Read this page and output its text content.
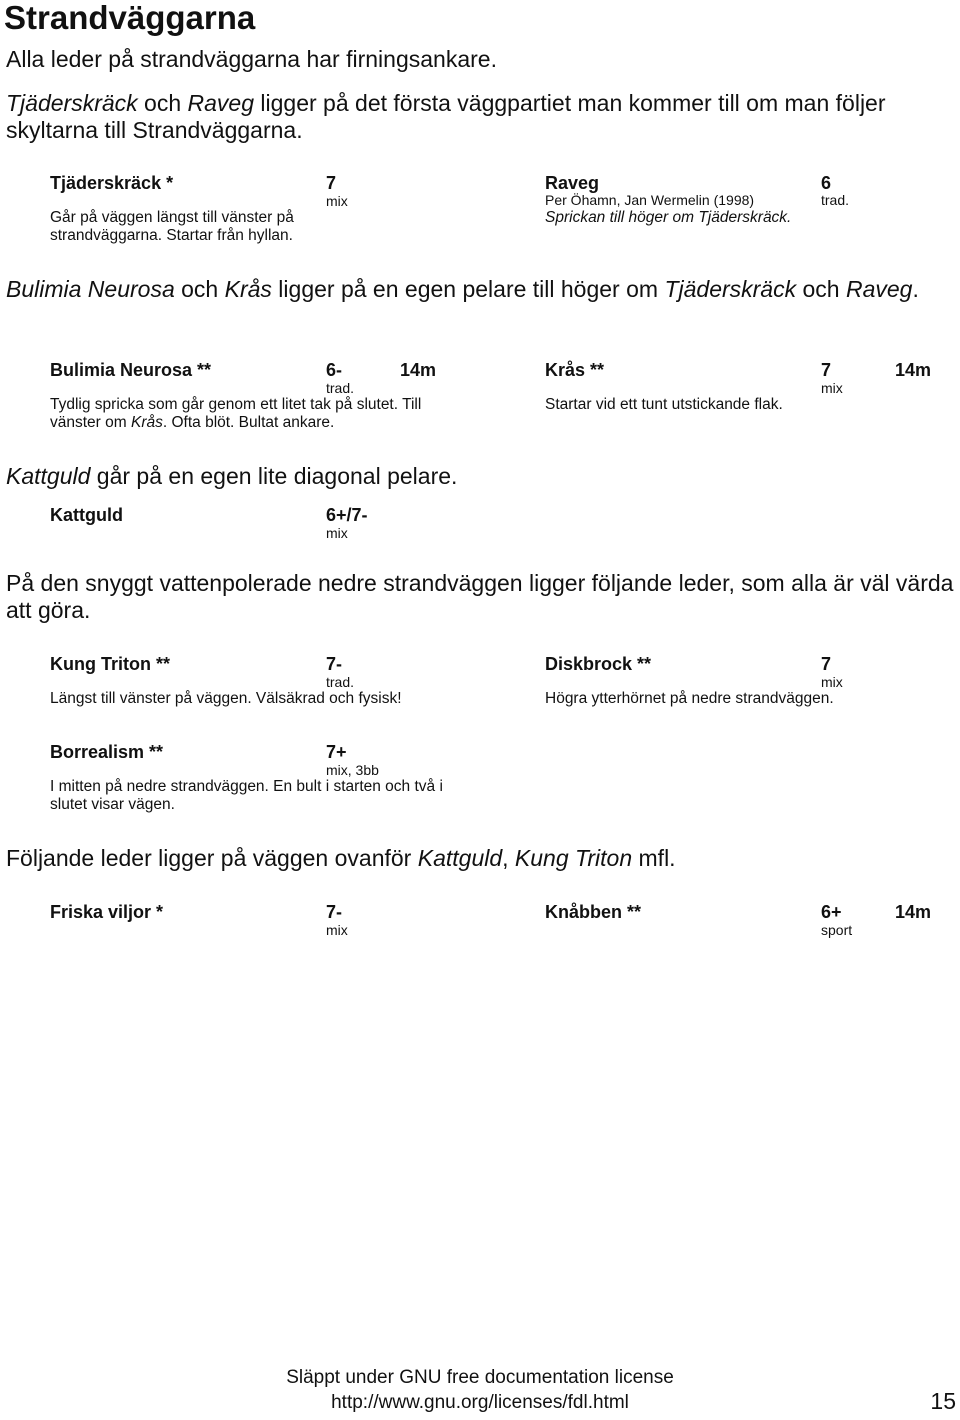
Strandväggarna

Alla leder på strandväggarna har firningsankare.

Tjäderskräck och Raveg ligger på det första väggpartiet man kommer till om man följer skyltarna till Strandväggarna.

Tjäderskräck *	7
mix
Går på väggen längst till vänster på strandväggarna. Startar från hyllan.
Raveg	6
Per Öhamn, Jan Wermelin (1998)	trad.
Sprickan till höger om Tjäderskräck.

Bulimia Neurosa och Krås ligger på en egen pelare till höger om Tjäderskräck och Raveg.

Bulimia Neurosa **	6-	14m
trad.
Tydlig spricka som går genom ett litet tak på slutet. Till vänster om Krås. Ofta blöt. Bultat ankare.
Krås **	7	14m
mix
Startar vid ett tunt utstickande flak.

Kattguld går på en egen lite diagonal pelare.

Kattguld	6+/7-
mix

På den snyggt vattenpolerade nedre strandväggen ligger följande leder, som alla är väl värda att göra.

Kung Triton **	7-
trad.
Längst till vänster på väggen. Välsäkrad och fysisk!
Diskbrock **	7
mix
Högra ytterhörnet på nedre strandväggen.
Borrealism **	7+
mix, 3bb
I mitten på nedre strandväggen. En bult i starten och två i slutet visar vägen.

Följande leder ligger på väggen ovanför Kattguld, Kung Triton mfl.

Friska viljor *	7-
mix
Knåbben **	6+	14m
sport
Släppt under GNU free documentation license
http://www.gnu.org/licenses/fdl.html	15
